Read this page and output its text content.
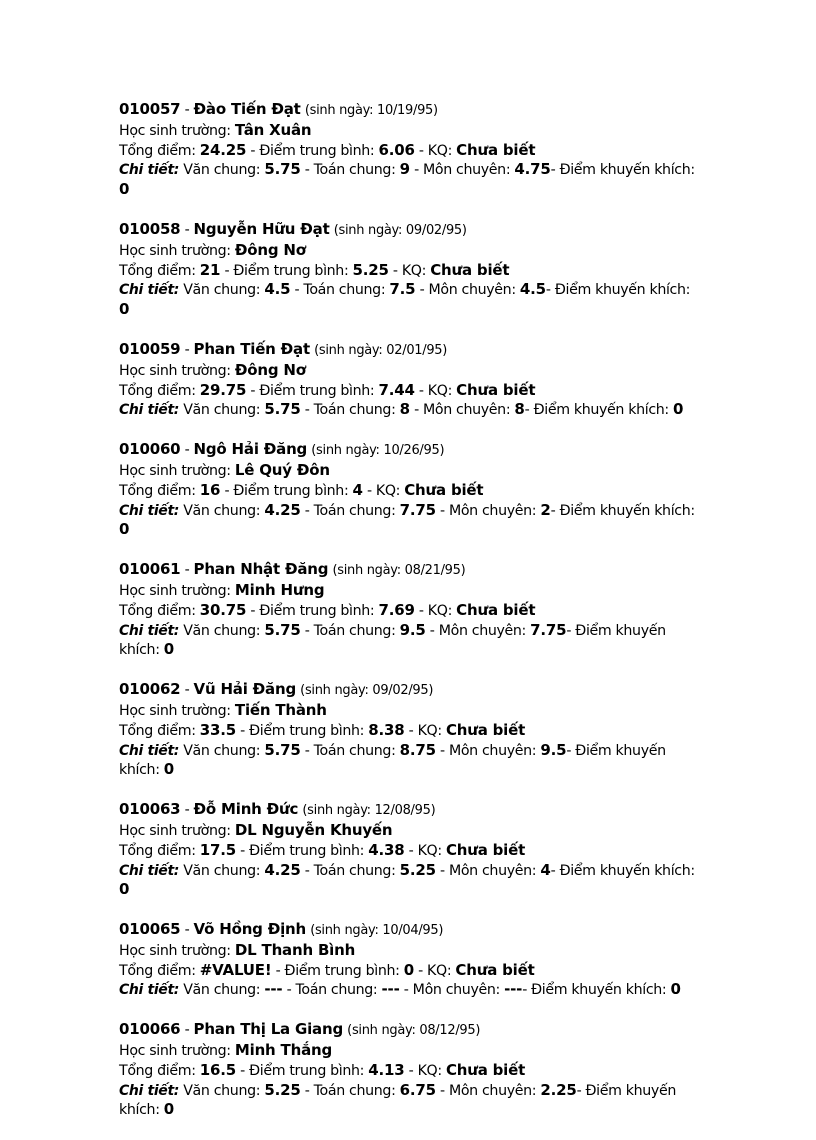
010057 - Đào Tiến Đạt (sinh ngày: 10/19/95)
Học sinh trường: Tân Xuân
Tổng điểm: 24.25 - Điểm trung bình: 6.06 - KQ: Chưa biết
Chi tiết: Văn chung: 5.75 - Toán chung: 9 - Môn chuyên: 4.75- Điểm khuyến khích: 0
010058 - Nguyễn Hữu Đạt (sinh ngày: 09/02/95)
Học sinh trường: Đông Nơ
Tổng điểm: 21 - Điểm trung bình: 5.25 - KQ: Chưa biết
Chi tiết: Văn chung: 4.5 - Toán chung: 7.5 - Môn chuyên: 4.5- Điểm khuyến khích: 0
010059 - Phan Tiến Đạt (sinh ngày: 02/01/95)
Học sinh trường: Đông Nơ
Tổng điểm: 29.75 - Điểm trung bình: 7.44 - KQ: Chưa biết
Chi tiết: Văn chung: 5.75 - Toán chung: 8 - Môn chuyên: 8- Điểm khuyến khích: 0
010060 - Ngô Hải Đăng (sinh ngày: 10/26/95)
Học sinh trường: Lê Quý Đôn
Tổng điểm: 16 - Điểm trung bình: 4 - KQ: Chưa biết
Chi tiết: Văn chung: 4.25 - Toán chung: 7.75 - Môn chuyên: 2- Điểm khuyến khích: 0
010061 - Phan Nhật Đăng (sinh ngày: 08/21/95)
Học sinh trường: Minh Hưng
Tổng điểm: 30.75 - Điểm trung bình: 7.69 - KQ: Chưa biết
Chi tiết: Văn chung: 5.75 - Toán chung: 9.5 - Môn chuyên: 7.75- Điểm khuyến khích: 0
010062 - Vũ Hải Đăng (sinh ngày: 09/02/95)
Học sinh trường: Tiến Thành
Tổng điểm: 33.5 - Điểm trung bình: 8.38 - KQ: Chưa biết
Chi tiết: Văn chung: 5.75 - Toán chung: 8.75 - Môn chuyên: 9.5- Điểm khuyến khích: 0
010063 - Đỗ Minh Đức (sinh ngày: 12/08/95)
Học sinh trường: DL Nguyễn Khuyến
Tổng điểm: 17.5 - Điểm trung bình: 4.38 - KQ: Chưa biết
Chi tiết: Văn chung: 4.25 - Toán chung: 5.25 - Môn chuyên: 4- Điểm khuyến khích: 0
010065 - Võ Hồng Định (sinh ngày: 10/04/95)
Học sinh trường: DL Thanh Bình
Tổng điểm: #VALUE! - Điểm trung bình: 0 - KQ: Chưa biết
Chi tiết: Văn chung: --- - Toán chung: --- - Môn chuyên: ---- Điểm khuyến khích: 0
010066 - Phan Thị La Giang (sinh ngày: 08/12/95)
Học sinh trường: Minh Thắng
Tổng điểm: 16.5 - Điểm trung bình: 4.13 - KQ: Chưa biết
Chi tiết: Văn chung: 5.25 - Toán chung: 6.75 - Môn chuyên: 2.25- Điểm khuyến khích: 0
